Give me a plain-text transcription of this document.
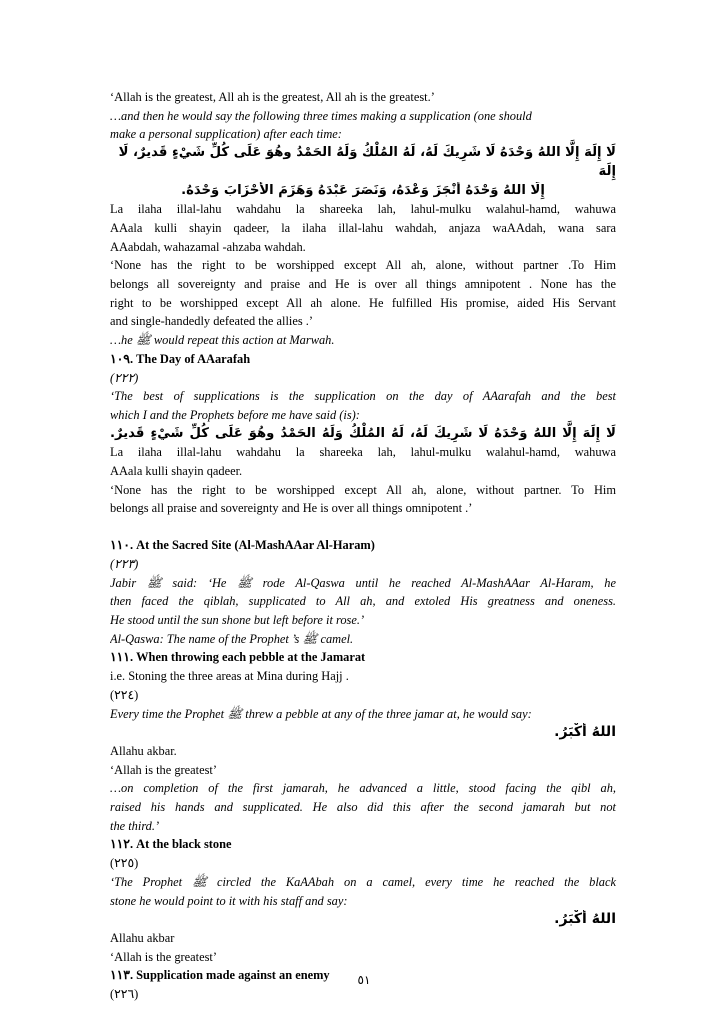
‘Allah is the greatest, All ah is the greatest, All ah is the greatest.’
…and then he would say the following three times making a supplication (one should
make a personal supplication) after each time:
لَا إِلَهَ إِلَّا اللهُ وَحْدَهُ لَا شَرِيكَ لَهُ، لَهُ المُلْكُ وَلَهُ الحَمْدُ وهُوَ عَلَى كُلِّ شَيْءٍ قَديرٌ، لَا إِلَهَ
إِلَّا اللهُ وَحْدَهُ أَنْجَزَ وَعْدَهُ، وَنَصَرَ عَبْدَهُ وَهَزَمَ الأَحْزَابَ وَحْدَهُ.
La ilaha illal-lahu wahdahu la shareeka lah, lahul-mulku walahul-hamd, wahuwa
AAala kulli shayin qadeer, la ilaha illal-lahu wahdah, anjaza waAAdah, wana sara
AAabdah, wahazamal -ahzaba wahdah.
‘None has the right to be worshipped except All ah, alone, without partner .To Him
belongs all sovereignty and praise and He is over all things amnipotent . None has the
right to be worshipped except All ah alone. He fulfilled His promise, aided His Servant
and single-handedly defeated the allies .’
…he ﷺ would repeat this action at Marwah.
١٠٩. The Day of AAarafah
(٢٢٢)
‘The best of supplications is the supplication on the day of AAarafah and the best
which I and the Prophets before me have said (is):
لَا إِلَهَ إِلَّا اللهُ وَحْدَهُ لَا شَرِيكَ لَهُ، لَهُ المُلْكُ وَلَهُ الحَمْدُ وهُوَ عَلَى كُلِّ شَيْءٍ قَديرٌ.
La ilaha illal-lahu wahdahu la shareeka lah, lahul-mulku walahul-hamd, wahuwa
AAala kulli shayin qadeer.
‘None has the right to be worshipped except All ah, alone, without partner. To Him
belongs all praise and sovereignty and He is over all things omnipotent .’
١١٠. At the Sacred Site (Al-MashAAar Al-Haram)
(٢٢٣)
Jabir ﷺ said: ‘He ﷺ rode Al-Qaswa until he reached Al-MashAAar Al-Haram, he
then faced the qiblah, supplicated to All ah, and extoled His greatness and oneness.
He stood until the sun shone but left before it rose.’
Al-Qaswa: The name of the Prophet ’s ﷺ camel.
١١١. When throwing each pebble at the Jamarat
i.e. Stoning the three areas at Mina during Hajj .
(٢٢٤)
Every time the Prophet ﷺ threw a pebble at any of the three jamar at, he would say:
اللهُ أَكْبَرُ.
Allahu akbar.
‘Allah is the greatest’
…on completion of the first jamarah, he advanced a little, stood facing the qibl ah,
raised his hands and supplicated. He also did this after the second jamarah but not
the third.’
١١٢. At the black stone
(٢٢٥)
‘The Prophet ﷺ circled the KaAAbah on a camel, every time he reached the black
stone he would point to it with his staff and say:
اللهُ أَكْبَرُ.
Allahu akbar
‘Allah is the greatest’
١١٣. Supplication made against an enemy
(٢٢٦)
٥١
